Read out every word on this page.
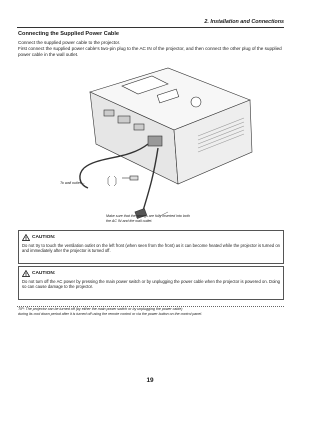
2. Installation and Connections
Connecting the Supplied Power Cable

Connect the supplied power cable to the projector.

First connect the supplied power cable’s two-pin plug to the AC IN of the projector, and then connect the other plug of the supplied power cable in the wall outlet.

To wall outlet ←
Make sure that the prongs are fully inserted into both
the AC IN and the wall outlet.
CAUTION:
Do not try to touch the ventilation outlet on the left front (when seen from the front) as it can become heated while the projector is turned on and immediately after the projector is turned off.
CAUTION:
Do not turn off the AC power by pressing the main power switch or by unplugging the power cable when the projector is powered on. Doing so can cause damage to the projector.

TIP: The projector can be turned off (by either the main power switch or by unplugging the power cable)

during its cool down period after it is turned off using the remote control or via the power button on the control panel.

19
